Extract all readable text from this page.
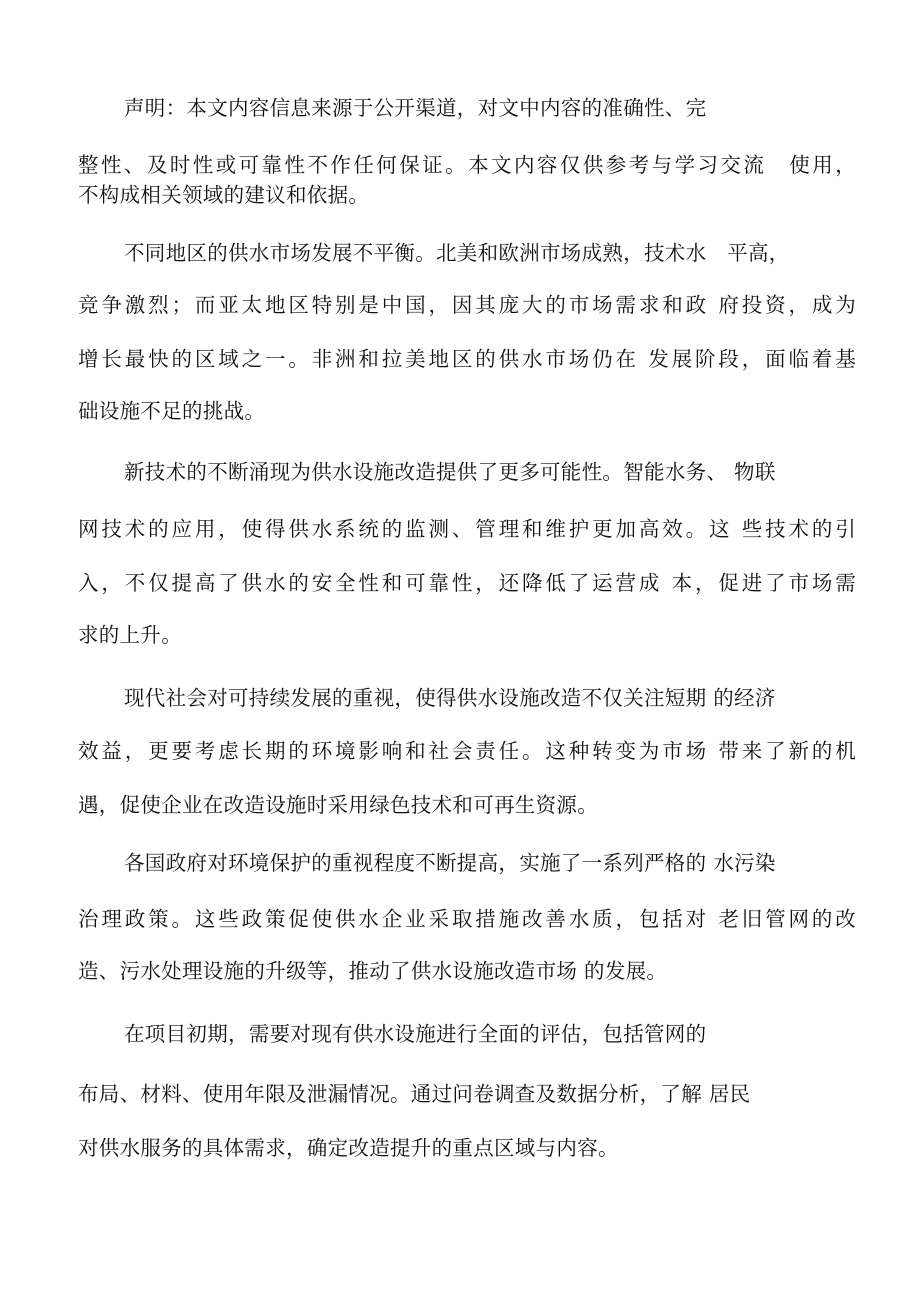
声明：本文内容信息来源于公开渠道，对文中内容的准确性、完
整性、及时性或可靠性不作任何保证。本文内容仅供参考与学习交流　使用，
不构成相关领域的建议和依据。
不同地区的供水市场发展不平衡。北美和欧洲市场成熟，技术水　平高，
竞争激烈；而亚太地区特别是中国，因其庞大的市场需求和政 府投资，成为
增长最快的区域之一。非洲和拉美地区的供水市场仍在 发展阶段，面临着基
础设施不足的挑战。
新技术的不断涌现为供水设施改造提供了更多可能性。智能水务、 物联
网技术的应用，使得供水系统的监测、管理和维护更加高效。这 些技术的引
入，不仅提高了供水的安全性和可靠性，还降低了运营成 本，促进了市场需
求的上升。
现代社会对可持续发展的重视，使得供水设施改造不仅关注短期 的经济
效益，更要考虑长期的环境影响和社会责任。这种转变为市场 带来了新的机
遇，促使企业在改造设施时采用绿色技术和可再生资源。
各国政府对环境保护的重视程度不断提高，实施了一系列严格的 水污染
治理政策。这些政策促使供水企业采取措施改善水质，包括对 老旧管网的改
造、污水处理设施的升级等，推动了供水设施改造市场 的发展。
在项目初期，需要对现有供水设施进行全面的评估，包括管网的
布局、材料、使用年限及泄漏情况。通过问卷调查及数据分析，了解 居民
对供水服务的具体需求，确定改造提升的重点区域与内容。
